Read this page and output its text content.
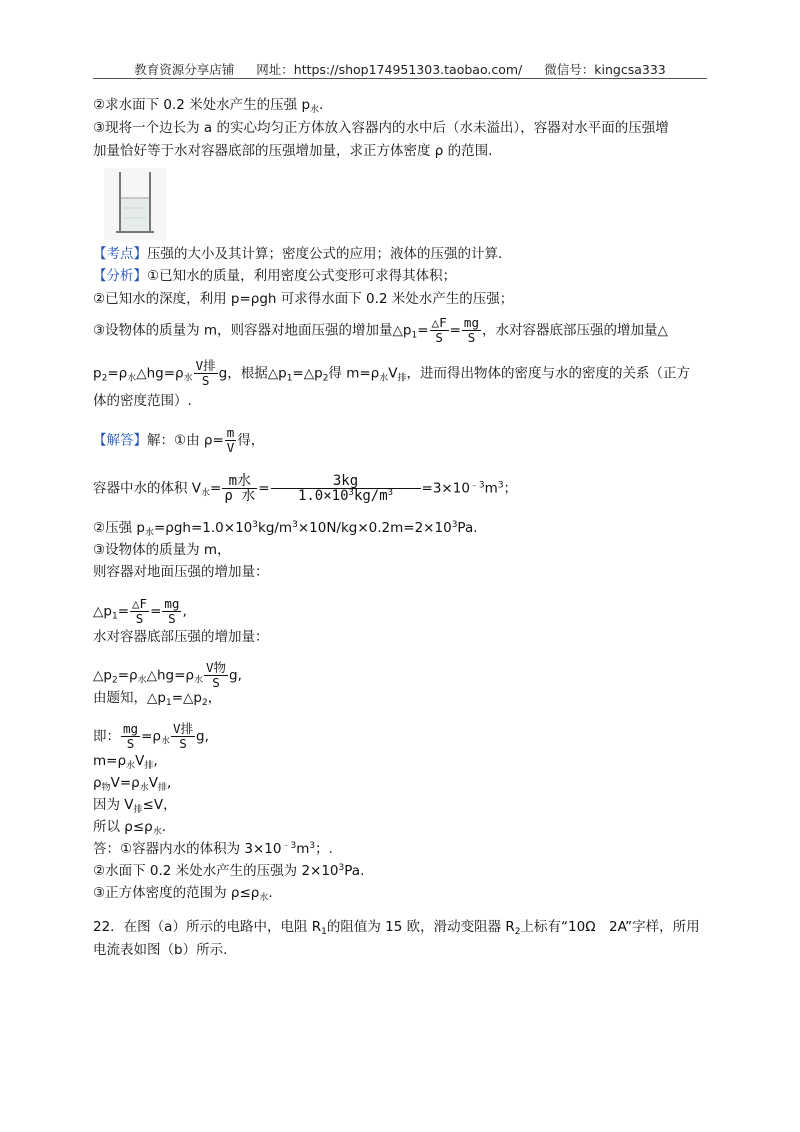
教育资源分享店铺 网址：https://shop174951303.taobao.com/ 微信号：kingcsa333
②求水面下 0.2 米处水产生的压强 $p_水$.
③现将一个边长为 a 的实心均匀正方体放入容器内的水中后（水未溢出），容器对水平面的压强增
加量恰好等于水对容器底部的压强增加量，求正方体密度 ρ 的范围.
【考点】压强的大小及其计算；密度公式的应用；液体的压强的计算.
【分析】①已知水的质量，利用密度公式变形可求得其体积；
②已知水的深度，利用 p=ρgh 可求得水面下 0.2 米处水产生的压强；
③设物体的质量为 m，则容器对地面压强的增加量$\triangle p_1= \frac{\triangle F}{S} = \frac{mg}{S}$ ，水对容器底部压强的增加量△
$p_2=\rho_水\triangle hg=\rho_水 \frac{\text{V排}}{S}$ g，根据$\triangle p_1=\triangle p_2$得 $m=\rho_水V_排$，进而得出物体的密度与水的密度的关系（正方
体的密度范围）.
【解答】解：①由 $\rho= \frac{m}{V}$ 得，
容器中水的体积 $V_水= \frac{\text{m水}}{\text{ρ 水}} = \frac{3kg}{1.0\times 10^3kg/m^3} =3\times 10^{﹣3}m^3$；
②压强 $p_水=\rho gh=1.0\times 10^3kg/m^3\times 10N/kg\times 0.2m=2\times 10^3Pa$.
③设物体的质量为 m，
则容器对地面压强的增加量：
$\triangle p_1= \frac{\triangle F}{S} = \frac{mg}{S}$ ,
水对容器底部压强的增加量：
$\triangle p_2=\rho_水\triangle hg=\rho_水 \frac{\text{V物}}{S} g$,
由题知，$\triangle p_1=\triangle p_2$，
即： $\frac{mg}{S} =\rho_水 \frac{\text{V排}}{S} g$,
$m=\rho_水V_排$,
$\rho_物V=\rho_水V_排$,
因为 $V_排\le V$，
所以 $\rho\le\rho_水$.
答：①容器内水的体积为 $3\times 10^{﹣3}m^3$；.
②水面下 0.2 米处水产生的压强为 $2\times 10^3Pa$.
③正方体密度的范围为 $\rho\le\rho_水$.
22．在图（a）所示的电路中，电阻 $R_1$的阻值为 15 欧，滑动变阻器 $R_2$上标有“10Ω　2A”字样，所用
电流表如图（b）所示.
